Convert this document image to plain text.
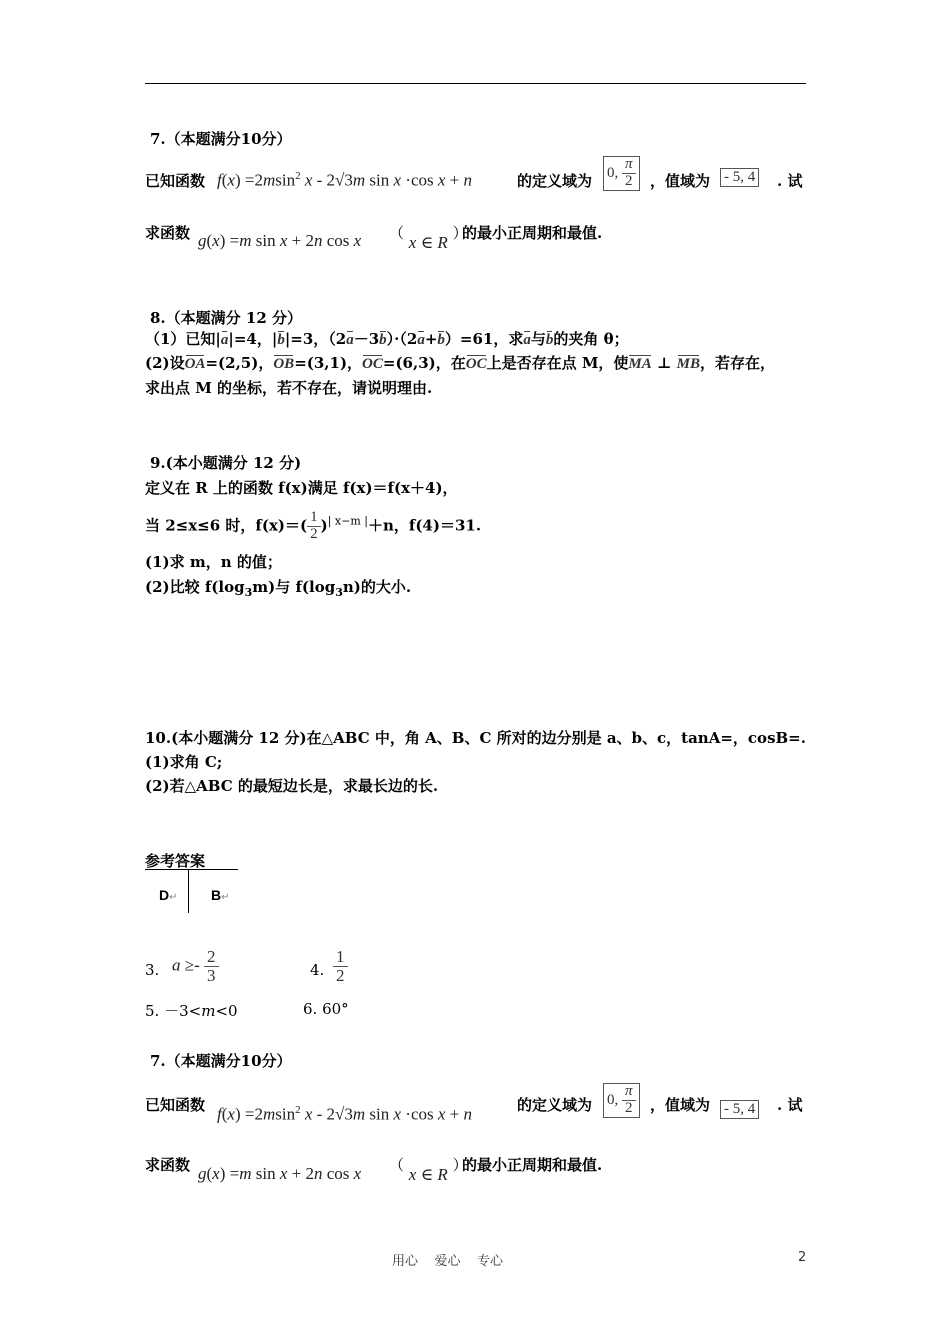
7.（本题满分10分）
已知函数 f(x) =2msin$^2$ x - 2√3m sin x ·cos x + n	的定义域为 0, $\frac{\pi}{2}$ ，值域为 - 5, 4 . 试
求函数 g(x) =m sin x + 2n cos x （ x ∈ R ）
的最小正周期和最值.
8.（本题满分 12 分）
（1）已知|a|=4，|b|=3，（2a－3b）·（2a+b）=61，求a与b的夹角 θ；
(2)设OA=(2,5)，OB=(3,1)，OC=(6,3)，在OC上是否存在点 M，使MA ⊥ MB，若存在，
求出点 M 的坐标，若不存在，请说明理由.
9.(本小题满分 12 分)
定义在 R 上的函数 f(x)满足 f(x)＝f(x＋4)，
当 2≤x≤6 时，$f(x)=( \frac{1}{2} )^{| x-m |}+n$，f(4)＝31.
(1)求 m，n 的值；
(2)比较 $f(\log_3m)$与 $f(\log_3n)$的大小.
10.(本小题满分 12 分)在△ABC 中，角 A、B、C 所对的边分别是 a、b、c，tanA=，cosB=.
(1)求角 C;
(2)若△ABC 的最短边长是，求最长边的长.
参考答案
D↵ B↵
3. $a \ge- \frac{2}{3}$	4. $\frac{1}{2}$
5. －3<m<0	6. 60°
7.（本题满分10分）
已知函数 f(x) =2msin$^2$ x - 2√3m sin x ·cos x + n	的定义域为 0, $\frac{\pi}{2}$ ，值域为 - 5, 4 . 试
求函数 g(x) =m sin x + 2n cos x （ x ∈ R ）
的最小正周期和最值.
用心    爱心    专心	2
